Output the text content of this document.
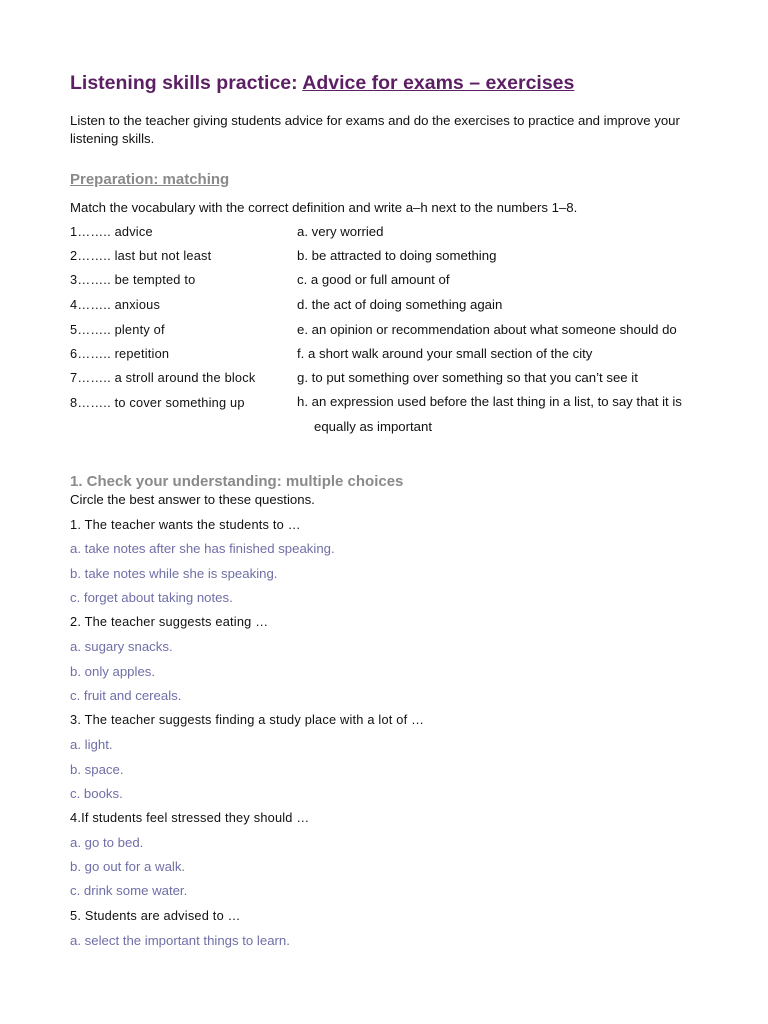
Listening skills practice: Advice for exams – exercises

Listen to the teacher giving students advice for exams and do the exercises to practice and improve your listening skills.

Preparation: matching

Match the vocabulary with the correct definition and write a–h next to the numbers 1–8.

1…….. advice
2…….. last but not least
3…….. be tempted to
4…….. anxious
5…….. plenty of
6…….. repetition
7…….. a stroll around the block
8…….. to cover something up
a. very worried
b. be attracted to doing something
c. a good or full amount of
d. the act of doing something again
e. an opinion or recommendation about what someone should do
f. a short walk around your small section of the city
g. to put something over something so that you can’t see it
h. an expression used before the last thing in a list, to say that it is
equally as important
1. Check your understanding: multiple choices

Circle the best answer to these questions.

1. The teacher wants the students to …
a. take notes after she has finished speaking.
b. take notes while she is speaking.
c. forget about taking notes.
2. The teacher suggests eating …
a. sugary snacks.
b. only apples.
c. fruit and cereals.
3. The teacher suggests finding a study place with a lot of …
a. light.
b. space.
c. books.
4.If students feel stressed they should …
a. go to bed.
b. go out for a walk.
c. drink some water.
5. Students are advised to …
a. select the important things to learn.
